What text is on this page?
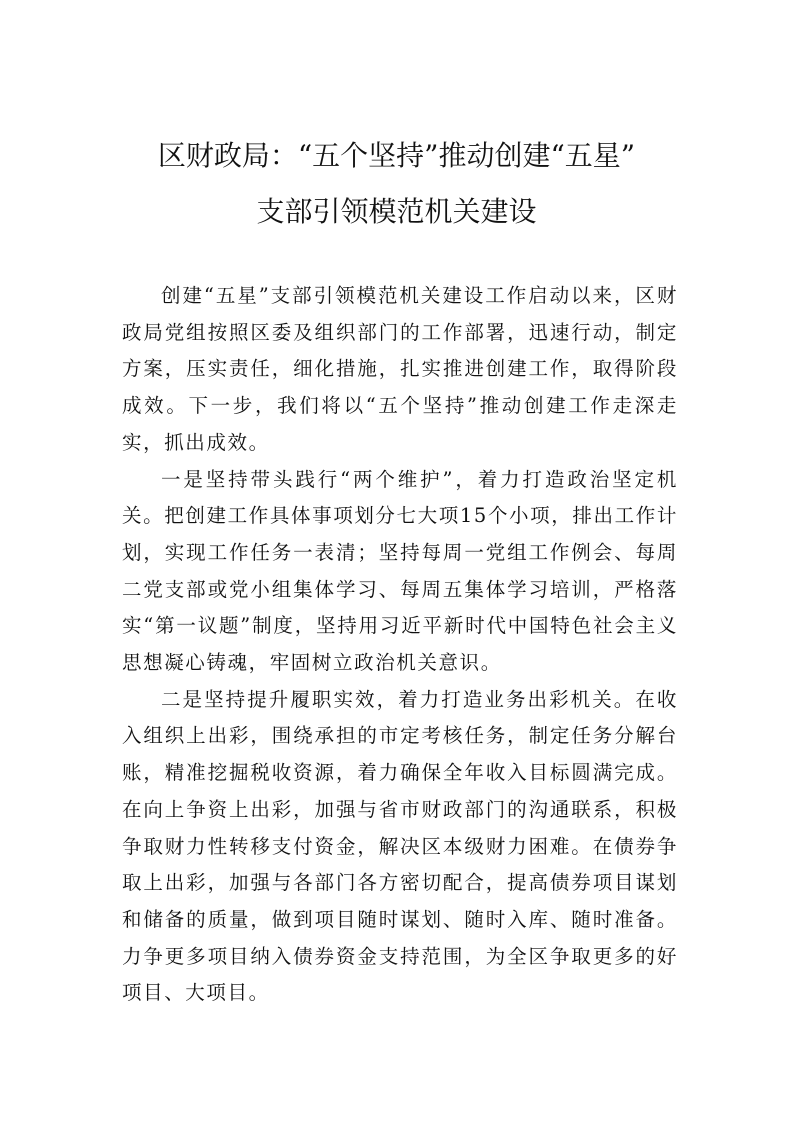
区财政局：“五个坚持”推动创建“五星”
支部引领模范机关建设

创建“五星”支部引领模范机关建设工作启动以来，区财政局党组按照区委及组织部门的工作部署，迅速行动，制定方案，压实责任，细化措施，扎实推进创建工作，取得阶段成效。下一步，我们将以“五个坚持”推动创建工作走深走实，抓出成效。

一是坚持带头践行“两个维护”，着力打造政治坚定机关。把创建工作具体事项划分七大项15个小项，排出工作计划，实现工作任务一表清；坚持每周一党组工作例会、每周二党支部或党小组集体学习、每周五集体学习培训，严格落实“第一议题”制度，坚持用习近平新时代中国特色社会主义思想凝心铸魂，牢固树立政治机关意识。

二是坚持提升履职实效，着力打造业务出彩机关。在收入组织上出彩，围绕承担的市定考核任务，制定任务分解台账，精准挖掘税收资源，着力确保全年收入目标圆满完成。在向上争资上出彩，加强与省市财政部门的沟通联系，积极争取财力性转移支付资金，解决区本级财力困难。在债券争取上出彩，加强与各部门各方密切配合，提高债券项目谋划和储备的质量，做到项目随时谋划、随时入库、随时准备。力争更多项目纳入债券资金支持范围，为全区争取更多的好项目、大项目。
